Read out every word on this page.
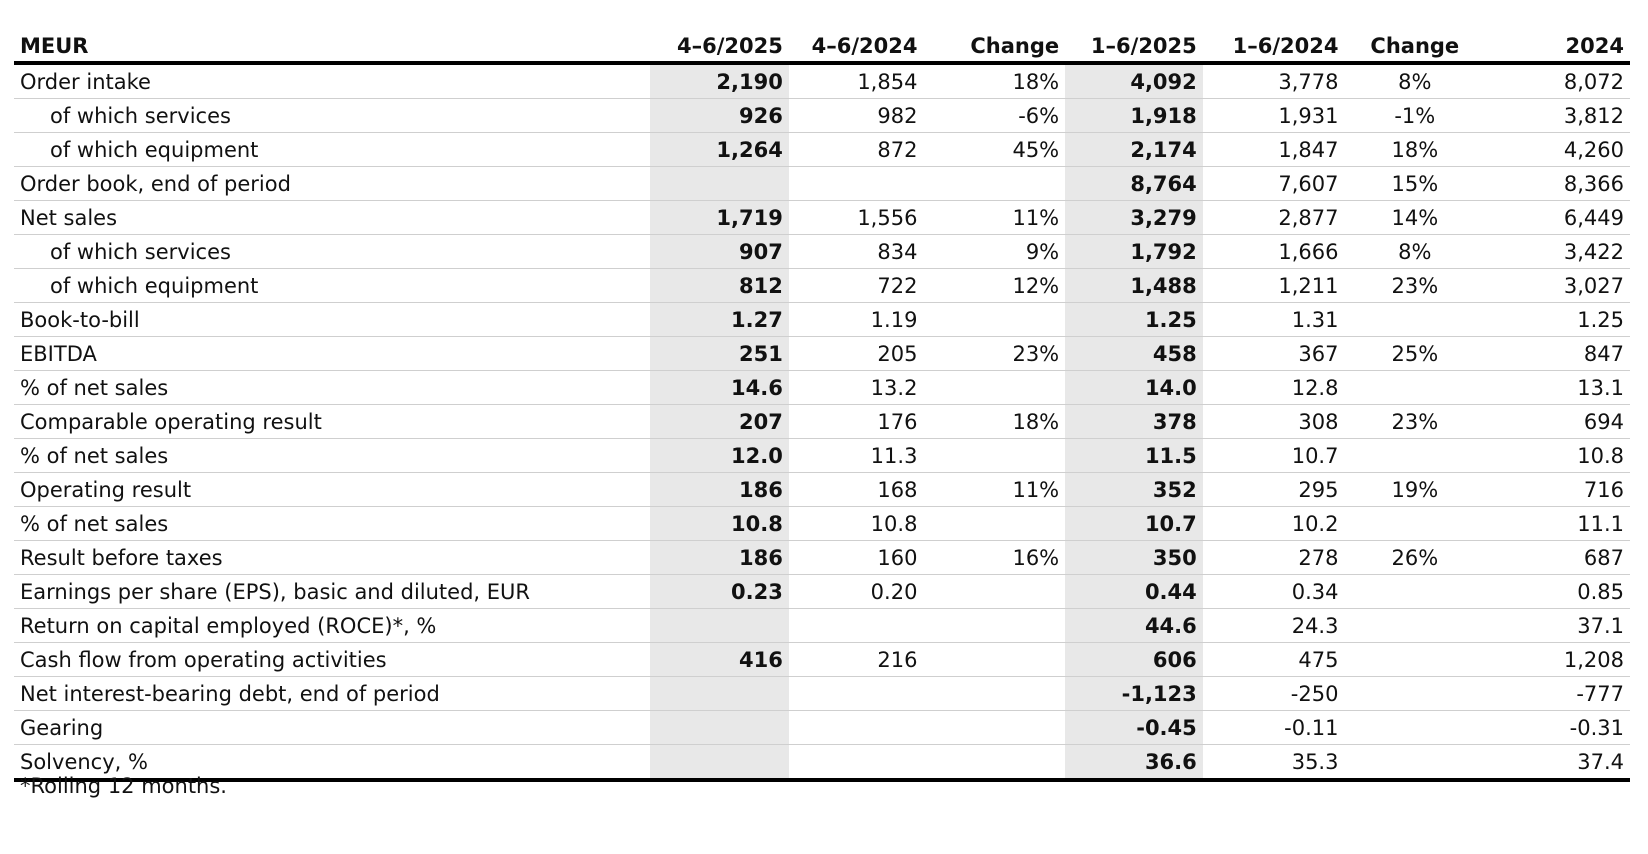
MEUR	4–6/2025	4–6/2024	Change	1–6/2025	1–6/2024	Change	2024
Order intake	2,190	1,854	18%	4,092	3,778	8%	8,072
of which services	926	982	-6%	1,918	1,931	-1%	3,812
of which equipment	1,264	872	45%	2,174	1,847	18%	4,260
Order book, end of period				8,764	7,607	15%	8,366
Net sales	1,719	1,556	11%	3,279	2,877	14%	6,449
of which services	907	834	9%	1,792	1,666	8%	3,422
of which equipment	812	722	12%	1,488	1,211	23%	3,027
Book-to-bill	1.27	1.19		1.25	1.31		1.25
EBITDA	251	205	23%	458	367	25%	847
% of net sales	14.6	13.2		14.0	12.8		13.1
Comparable operating result	207	176	18%	378	308	23%	694
% of net sales	12.0	11.3		11.5	10.7		10.8
Operating result	186	168	11%	352	295	19%	716
% of net sales	10.8	10.8		10.7	10.2		11.1
Result before taxes	186	160	16%	350	278	26%	687
Earnings per share (EPS), basic and diluted, EUR	0.23	0.20		0.44	0.34		0.85
Return on capital employed (ROCE)*, %				44.6	24.3		37.1
Cash flow from operating activities	416	216		606	475		1,208
Net interest-bearing debt, end of period				-1,123	-250		-777
Gearing				-0.45	-0.11		-0.31
Solvency, %				36.6	35.3		37.4
*Rolling 12 months.
